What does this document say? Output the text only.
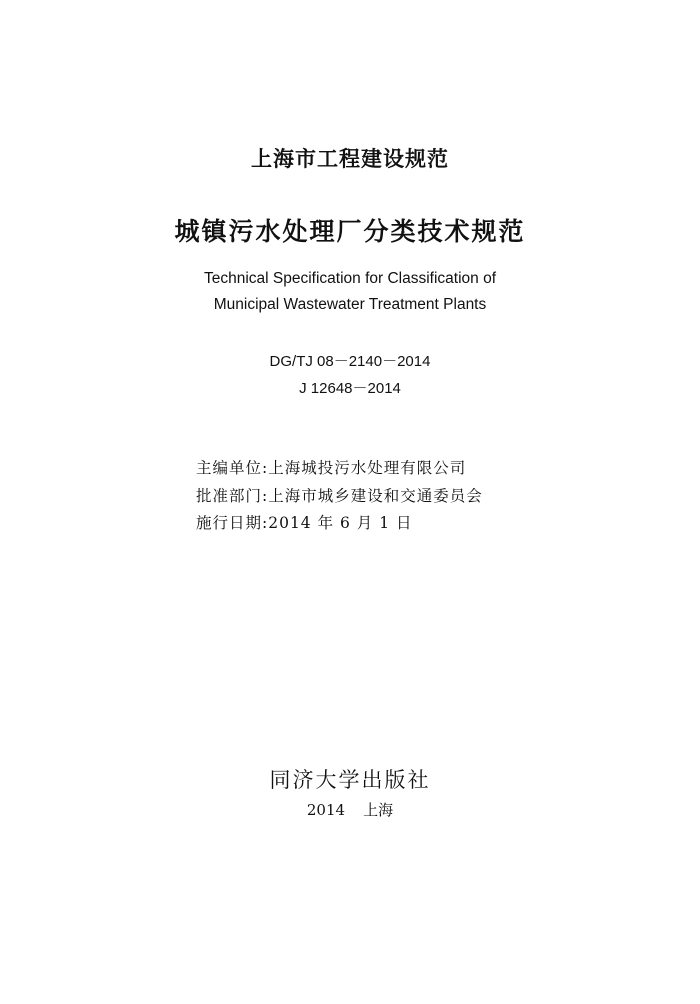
上海市工程建设规范
城镇污水处理厂分类技术规范
Technical Specification for Classification of
Municipal Wastewater Treatment Plants
DG/TJ 08－2140－2014
J 12648－2014
主编单位:上海城投污水处理有限公司
批准部门:上海市城乡建设和交通委员会
施行日期:2014 年 6 月 1 日
同济大学出版社
2014 上海
